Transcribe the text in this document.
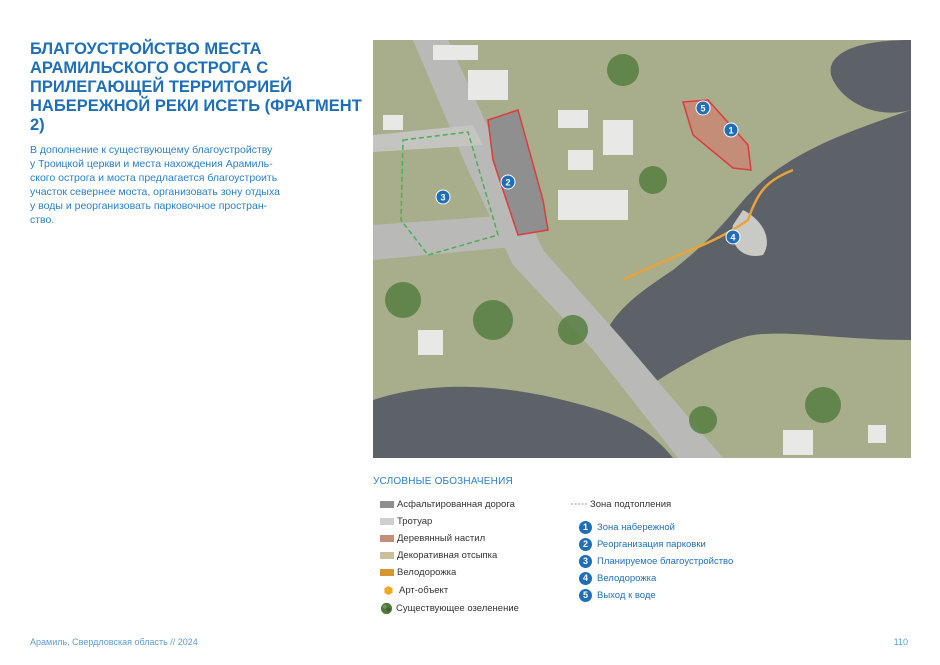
БЛАГОУСТРОЙСТВО МЕСТА
АРАМИЛЬСКОГО ОСТРОГА С
ПРИЛЕГАЮЩЕЙ ТЕРРИТОРИЕЙ
НАБЕРЕЖНОЙ РЕКИ ИСЕТЬ (ФРАГМЕНТ 2)

В дополнение к существующему благоустройству
у Троицкой церкви и места нахождения Арамиль-
ского острога и моста предлагается благоустроить
участок севернее моста, организовать зону отдыха
у воды и реорганизовать парковочное простран-
ство.

5
1
2
3
4
УСЛОВНЫЕ ОБОЗНАЧЕНИЯ
Асфальтированная дорога
Тротуар
Деревянный настил
Декоративная отсыпка
Велодорожка
Арт-объект
Существующее озеленение
Зона подтопления
1 Зона набережной
2 Реорганизация парковки
3 Планируемое благоустройство
4 Велодорожка
5 Выход к воде
Арамиль, Свердловская область // 2024	110
